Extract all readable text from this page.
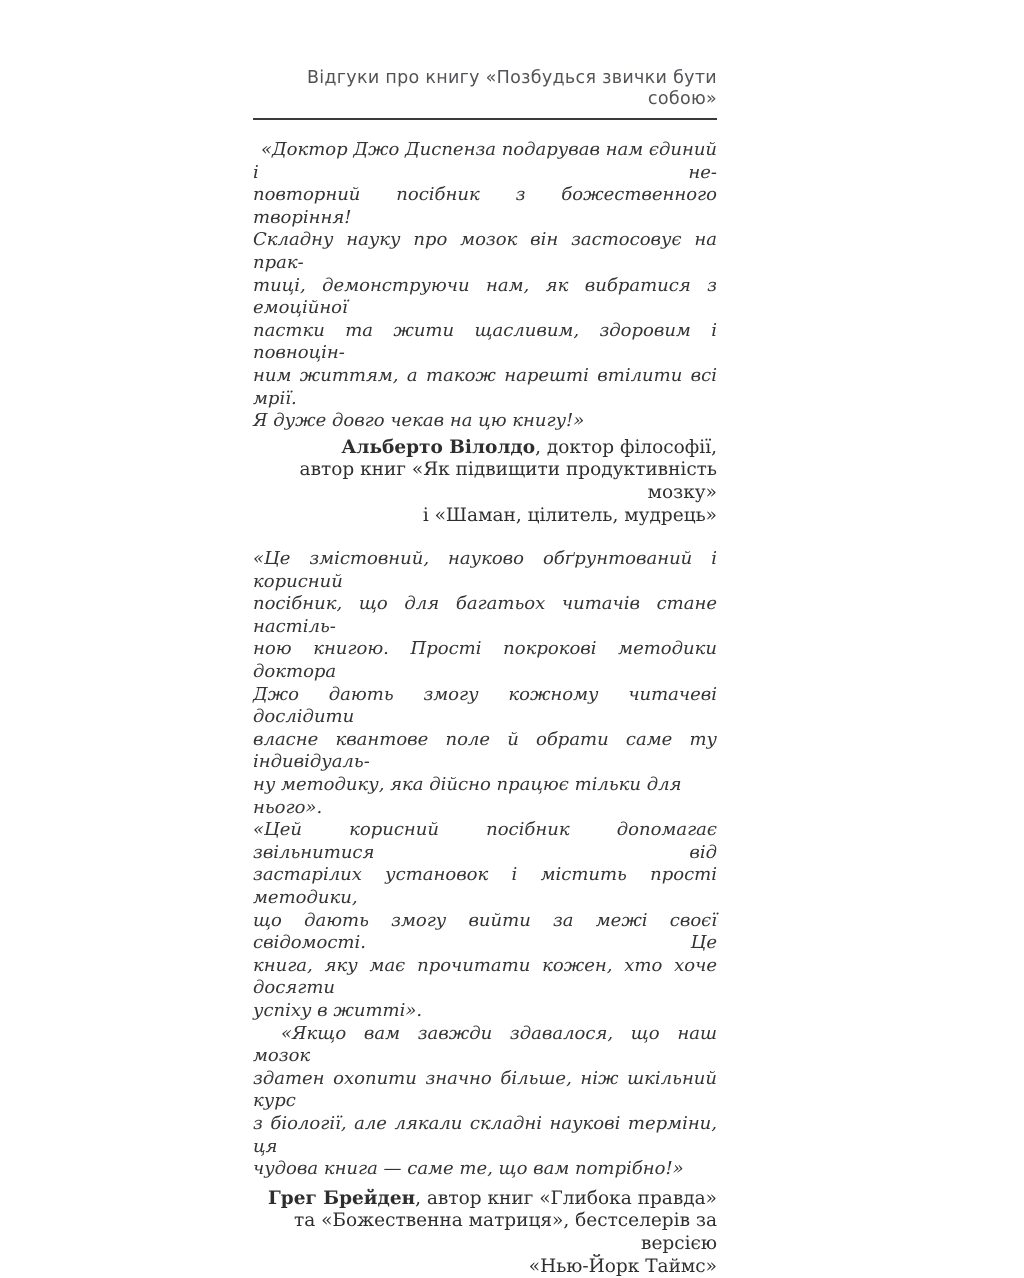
Відгуки про книгу «Позбудься звички бути собою»
«Доктор Джо Диспенза подарував нам єдиний і не-
повторний посібник з божественного творіння!
Складну науку про мозок він застосовує на прак-
тиці, демонструючи нам, як вибратися з емоційної
пастки та жити щасливим, здоровим і повноцін-
ним життям, а також нарешті втілити всі мрії.
Я дуже довго чекав на цю книгу!»
Альберто Вілолдо, доктор філософії,
автор книг «Як підвищити продуктивність мозку»
і «Шаман, цілитель, мудрець»
«Це змістовний, науково обґрунтований і корисний
посібник, що для багатьох читачів стане настіль-
ною книгою. Прості покрокові методики доктора
Джо дають змогу кожному читачеві дослідити
власне квантове поле й обрати саме ту індивідуаль-
ну методику, яка дійсно працює тільки для нього».
«Цей корисний посібник допомагає звільнитися від
застарілих установок і містить прості методики,
що дають змогу вийти за межі своєї свідомості. Це
книга, яку має прочитати кожен, хто хоче досягти
успіху в житті».
«Якщо вам завжди здавалося, що наш мозок
здатен охопити значно більше, ніж шкільний курс
з біології, але лякали складні наукові терміни, ця
чудова книга — саме те, що вам потрібно!»
Грег Брейден, автор книг «Глибока правда»
та «Божественна матриця», бестселерів за версією
«Нью-Йорк Таймс»
